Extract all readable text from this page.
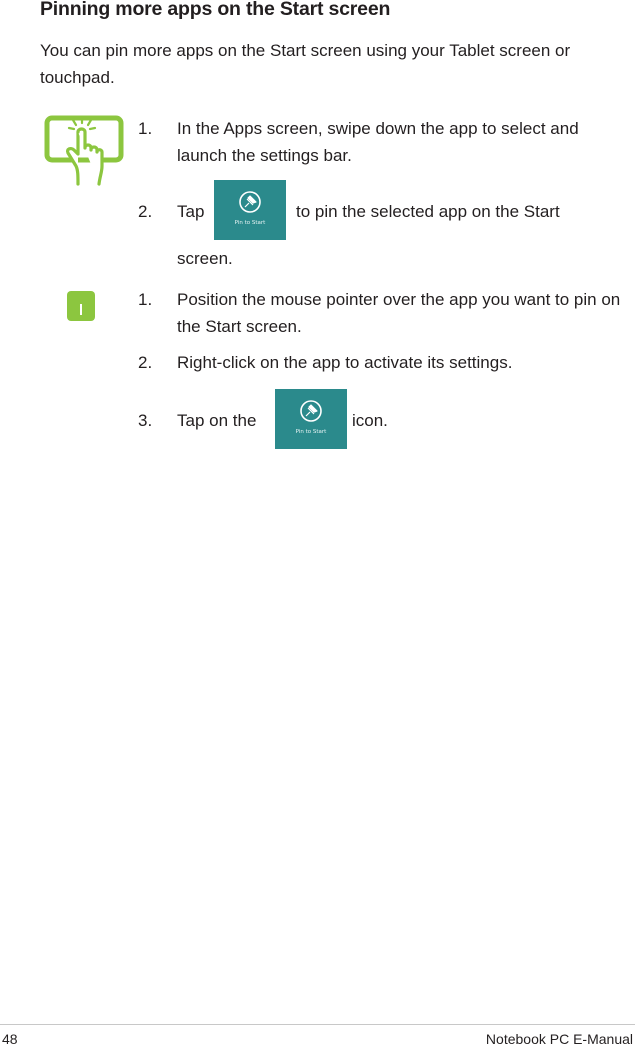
Pinning more apps on the Start screen
You can pin more apps on the Start screen using your Tablet screen or touchpad.
1. In the Apps screen, swipe down the app to select and launch the settings bar.
2. Tap
Pin to Start
to pin the selected app on the Start
screen.
1. Position the mouse pointer over the app you want to pin on the Start screen.
2. Right-click on the app to activate its settings.
3. Tap on the
Pin to Start
icon.
48	Notebook PC E-Manual
